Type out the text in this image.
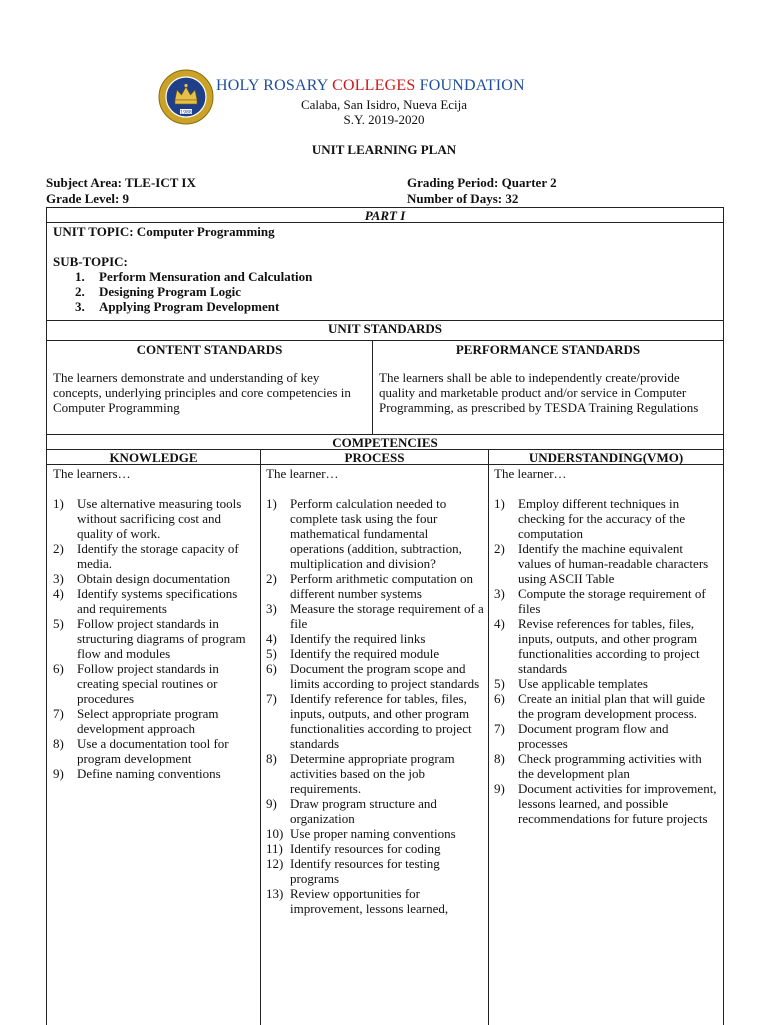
1988
HOLY ROSARY COLLEGES FOUNDATION
Calaba, San Isidro, Nueva Ecija
S.Y. 2019-2020
UNIT LEARNING PLAN
Subject Area: TLE-ICT IX
Grade Level: 9
Grading Period: Quarter 2
Number of Days: 32
PART I
UNIT TOPIC: Computer Programming
SUB-TOPIC:
1. Perform Mensuration and Calculation
2. Designing Program Logic
3. Applying Program Development
UNIT STANDARDS
CONTENT STANDARDS
The learners demonstrate and understanding of key concepts, underlying principles and core competencies in Computer Programming
PERFORMANCE STANDARDS
The learners shall be able to independently create/provide quality and marketable product and/or service in Computer Programming, as prescribed by TESDA Training Regulations
COMPETENCIES
KNOWLEDGE	PROCESS	UNDERSTANDING(VMO)
The learners…
1) Use alternative measuring tools without sacrificing cost and quality of work.
2) Identify the storage capacity of media.
3) Obtain design documentation
4) Identify systems specifications and requirements
5) Follow project standards in structuring diagrams of program flow and modules
6) Follow project standards in creating special routines or procedures
7) Select appropriate program development approach
8) Use a documentation tool for program development
9) Define naming conventions
The learner…
1) Perform calculation needed to complete task using the four mathematical fundamental operations (addition, subtraction, multiplication and division?
2) Perform arithmetic computation on different number systems
3) Measure the storage requirement of a file
4) Identify the required links
5) Identify the required module
6) Document the program scope and limits according to project standards
7) Identify reference for tables, files, inputs, outputs, and other program functionalities according to project standards
8) Determine appropriate program activities based on the job requirements.
9) Draw program structure and organization
10) Use proper naming conventions
11) Identify resources for coding
12) Identify resources for testing programs
13) Review opportunities for improvement, lessons learned,
The learner…
1) Employ different techniques in checking for the accuracy of the computation
2) Identify the machine equivalent values of human-readable characters using ASCII Table
3) Compute the storage requirement of files
4) Revise references for tables, files, inputs, outputs, and other program functionalities according to project standards
5) Use applicable templates
6) Create an initial plan that will guide the program development process.
7) Document program flow and processes
8) Check programming activities with the development plan
9) Document activities for improvement, lessons learned, and possible recommendations for future projects
